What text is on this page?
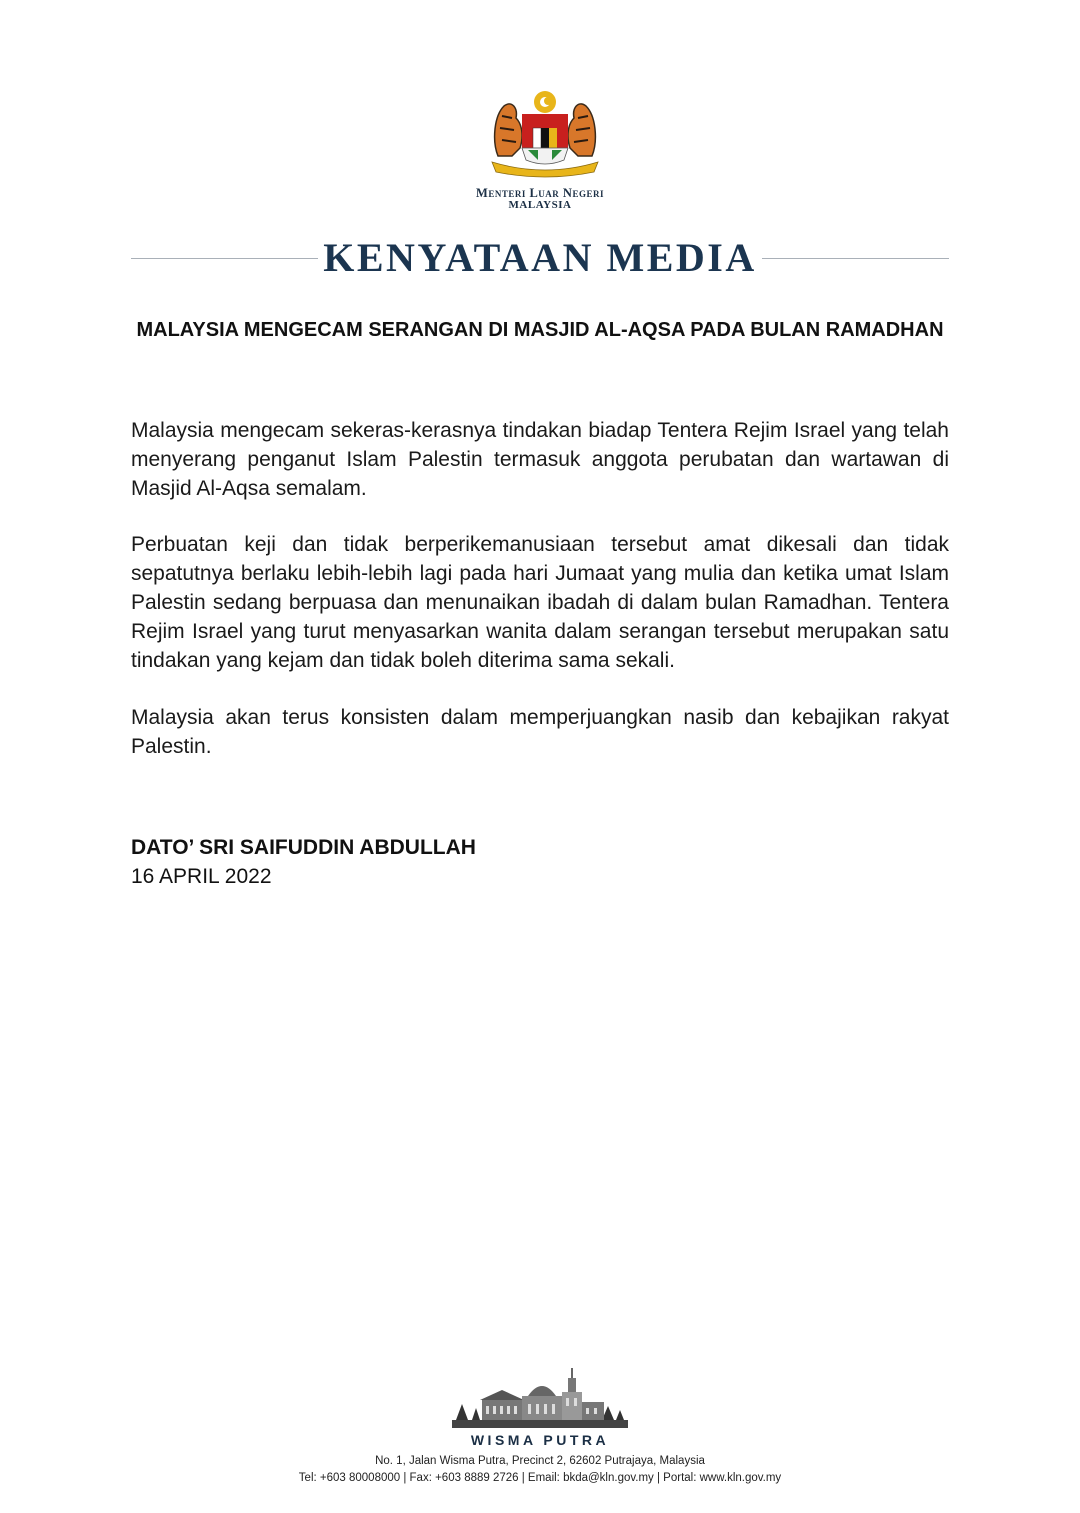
Menteri Luar Negeri
MALAYSIA
KENYATAAN MEDIA
MALAYSIA MENGECAM SERANGAN DI MASJID AL-AQSA PADA BULAN RAMADHAN

Malaysia mengecam sekeras-kerasnya tindakan biadap Tentera Rejim Israel yang telah menyerang penganut Islam Palestin termasuk anggota perubatan dan wartawan di Masjid Al-Aqsa semalam.

Perbuatan keji dan tidak berperikemanusiaan tersebut amat dikesali dan tidak sepatutnya berlaku lebih-lebih lagi pada hari Jumaat yang mulia dan ketika umat Islam Palestin sedang berpuasa dan menunaikan ibadah di dalam bulan Ramadhan. Tentera Rejim Israel yang turut menyasarkan wanita dalam serangan tersebut merupakan satu tindakan yang kejam dan tidak boleh diterima sama sekali.

Malaysia akan terus konsisten dalam memperjuangkan nasib dan kebajikan rakyat Palestin.

DATO’ SRI SAIFUDDIN ABDULLAH
16 APRIL 2022
WISMA PUTRA
No. 1, Jalan Wisma Putra, Precinct 2, 62602 Putrajaya, Malaysia
Tel: +603 80008000 | Fax: +603 8889 2726 | Email: bkda@kln.gov.my | Portal: www.kln.gov.my
